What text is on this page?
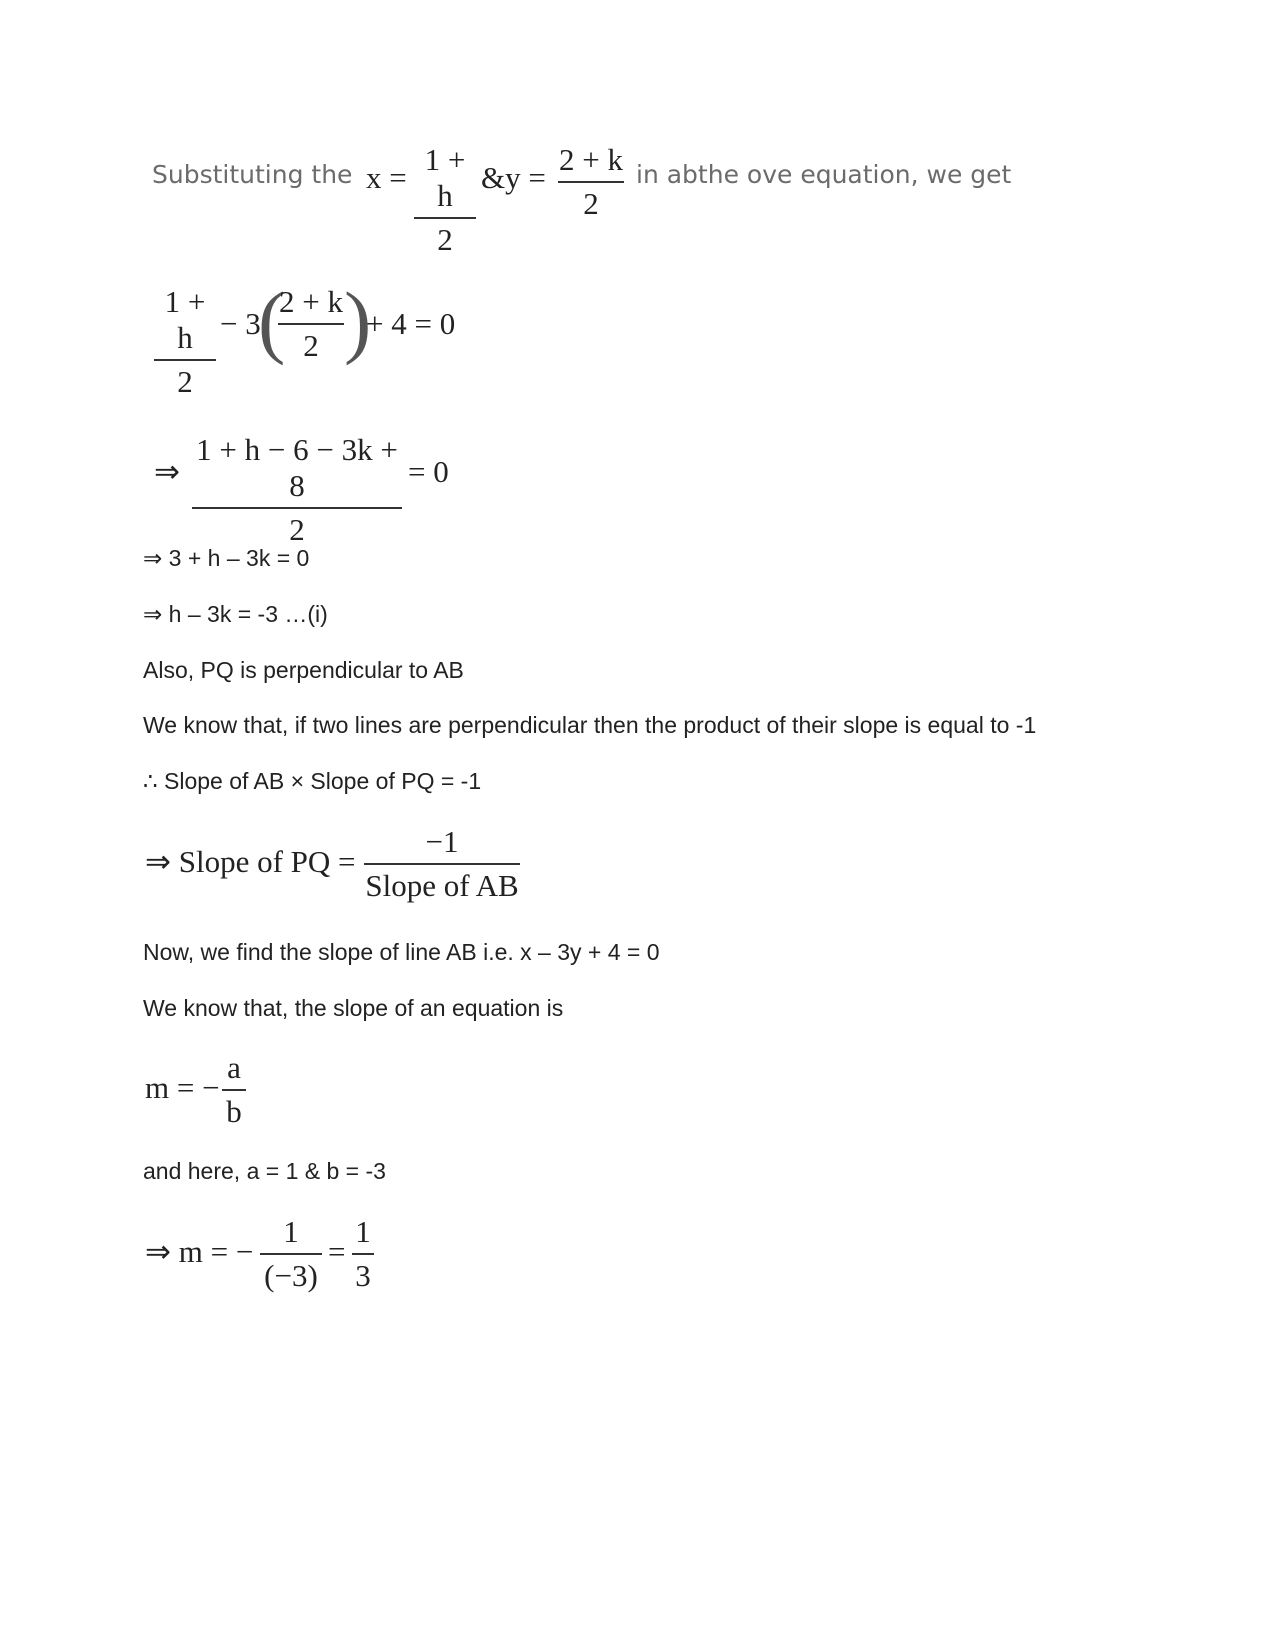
Substituting the x =
1 + h
2
&y =
2 + k
2
in abthe ove equation, we get
1 + h
2
− 3
(
2 + k
2 )
+ 4 = 0
⇒
1 + h − 6 − 3k + 8
2
= 0
⇒ 3 + h – 3k = 0
⇒ h – 3k = -3 …(i)
Also, PQ is perpendicular to AB
We know that, if two lines are perpendicular then the product of their slope is equal to -1
∴ Slope of AB × Slope of PQ = -1
⇒ Slope of PQ =
−1
Slope of AB
Now, we find the slope of line AB i.e. x – 3y + 4 = 0
We know that, the slope of an equation is
m = −
a
b
and here, a = 1 & b = -3
⇒ m = −
1
(−3)
=
1
3
